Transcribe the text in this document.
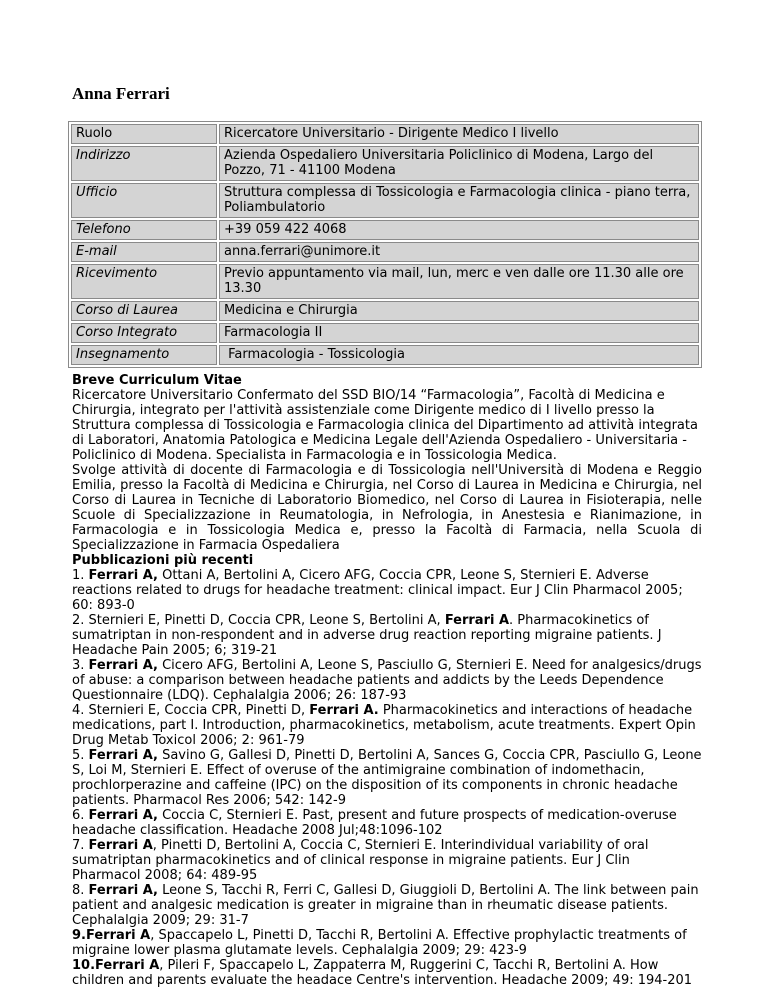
Anna Ferrari
Ruolo	Ricercatore Universitario - Dirigente Medico I livello
Indirizzo	Azienda Ospedaliero Universitaria Policlinico di Modena, Largo del Pozzo, 71 - 41100 Modena
Ufficio	Struttura complessa di Tossicologia e Farmacologia clinica - piano terra, Poliambulatorio
Telefono	+39 059 422 4068
E-mail	anna.ferrari@unimore.it
Ricevimento	Previo appuntamento via mail, lun, merc e ven dalle ore 11.30 alle ore 13.30
Corso di Laurea	Medicina e Chirurgia
Corso Integrato	Farmacologia II
Insegnamento	Farmacologia - Tossicologia
Breve Curriculum Vitae
Ricercatore Universitario Confermato del SSD BIO/14 “Farmacologia”, Facoltà di Medicina e Chirurgia, integrato per l'attività assistenziale come Dirigente medico di I livello presso la Struttura complessa di Tossicologia e Farmacologia clinica del Dipartimento ad attività integrata di Laboratori, Anatomia Patologica e Medicina Legale dell'Azienda Ospedaliero - Universitaria - Policlinico di Modena. Specialista in Farmacologia e in Tossicologia Medica.
Svolge attività di docente di Farmacologia e di Tossicologia nell'Università di Modena e Reggio Emilia, presso la Facoltà di Medicina e Chirurgia, nel Corso di Laurea in Medicina e Chirurgia, nel Corso di Laurea in Tecniche di Laboratorio Biomedico, nel Corso di Laurea in Fisioterapia, nelle Scuole di Specializzazione in Reumatologia, in Nefrologia, in Anestesia e Rianimazione, in Farmacologia e in Tossicologia Medica e, presso la Facoltà di Farmacia, nella Scuola di Specializzazione in Farmacia Ospedaliera
Pubblicazioni più recenti

1. Ferrari A, Ottani A, Bertolini A, Cicero AFG, Coccia CPR, Leone S, Sternieri E. Adverse reactions related to drugs for headache treatment: clinical impact. Eur J Clin Pharmacol 2005; 60: 893-0

2. Sternieri E, Pinetti D, Coccia CPR, Leone S, Bertolini A, Ferrari A. Pharmacokinetics of sumatriptan in non-respondent and in adverse drug reaction reporting migraine patients. J Headache Pain 2005; 6; 319-21

3. Ferrari A, Cicero AFG, Bertolini A, Leone S, Pasciullo G, Sternieri E. Need for analgesics/drugs of abuse: a comparison between headache patients and addicts by the Leeds Dependence Questionnaire (LDQ). Cephalalgia 2006; 26: 187-93

4. Sternieri E, Coccia CPR, Pinetti D, Ferrari A. Pharmacokinetics and interactions of headache medications, part I. Introduction, pharmacokinetics, metabolism, acute treatments. Expert Opin Drug Metab Toxicol 2006; 2: 961-79

5. Ferrari A, Savino G, Gallesi D, Pinetti D, Bertolini A, Sances G, Coccia CPR, Pasciullo G, Leone S, Loi M, Sternieri E. Effect of overuse of the antimigraine combination of indomethacin, prochlorperazine and caffeine (IPC) on the disposition of its components in chronic headache patients. Pharmacol Res 2006; 542: 142-9

6. Ferrari A, Coccia C, Sternieri E. Past, present and future prospects of medication-overuse headache classification. Headache 2008 Jul;48:1096-102

7. Ferrari A, Pinetti D, Bertolini A, Coccia C, Sternieri E. Interindividual variability of oral sumatriptan pharmacokinetics and of clinical response in migraine patients. Eur J Clin Pharmacol 2008; 64: 489-95

8. Ferrari A, Leone S, Tacchi R, Ferri C, Gallesi D, Giuggioli D, Bertolini A. The link between pain patient and analgesic medication is greater in migraine than in rheumatic disease patients. Cephalalgia 2009; 29: 31-7

9.Ferrari A, Spaccapelo L, Pinetti D, Tacchi R, Bertolini A. Effective prophylactic treatments of migraine lower plasma glutamate levels. Cephalalgia 2009; 29: 423-9

10.Ferrari A, Pileri F, Spaccapelo L, Zappaterra M, Ruggerini C, Tacchi R, Bertolini A. How children and parents evaluate the headace Centre's intervention. Headache 2009; 49: 194-201
